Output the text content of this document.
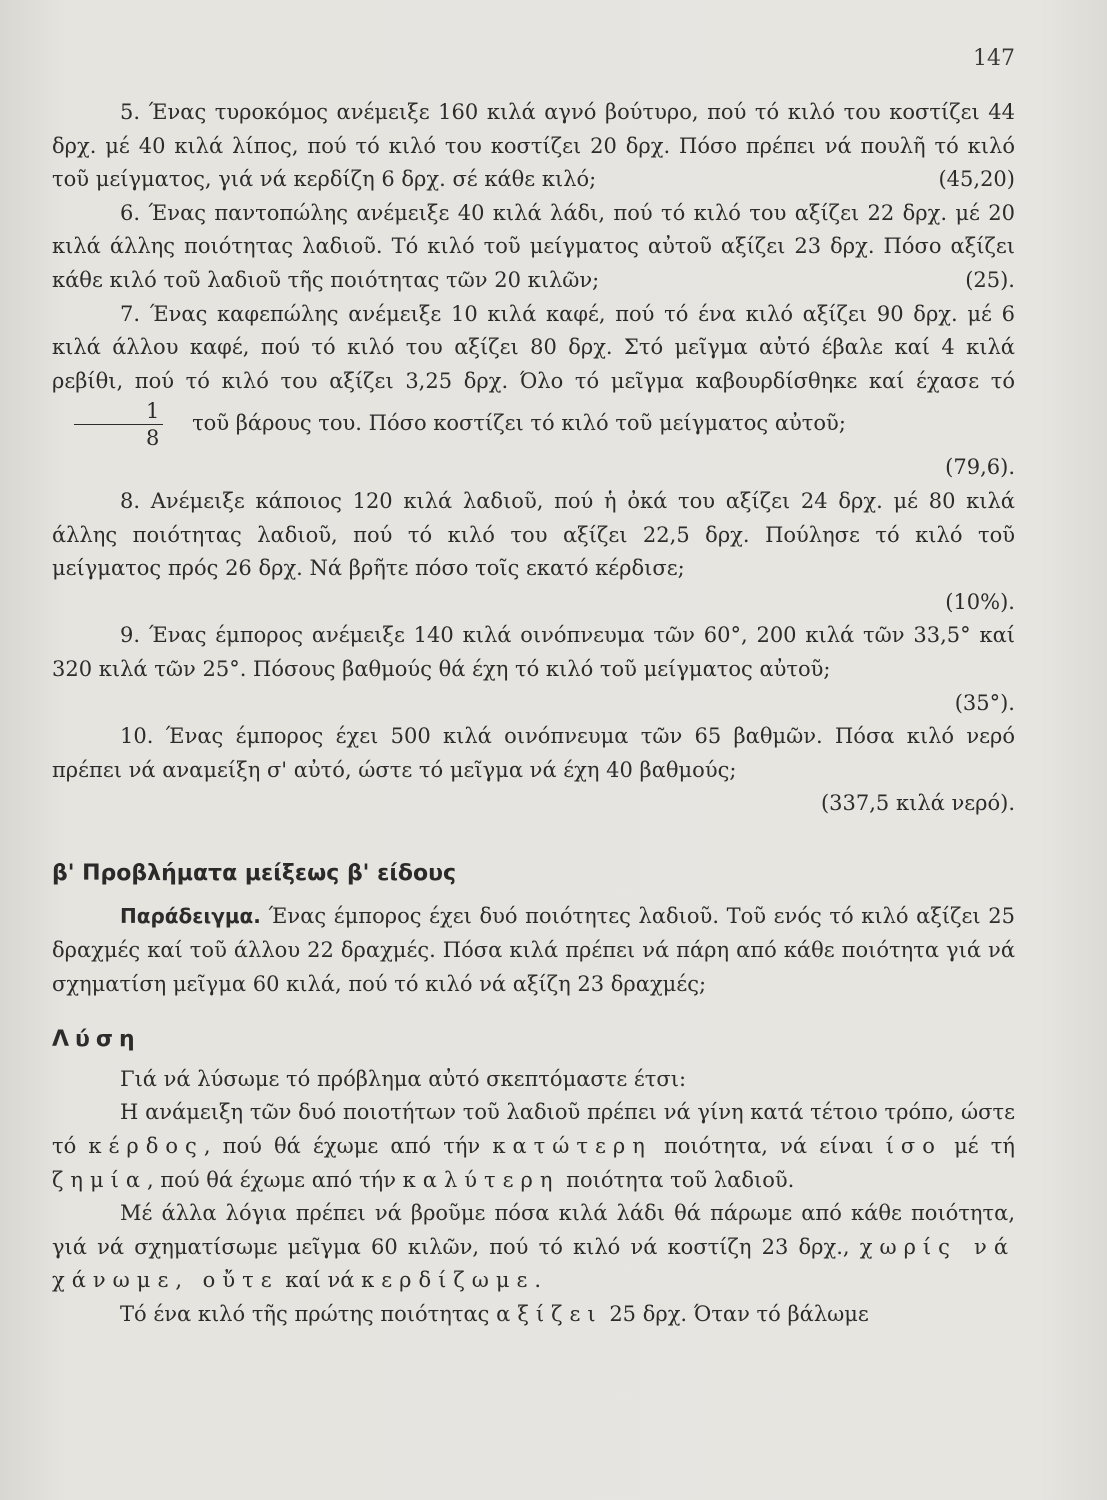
147

5. Ένας τυροκόμος ανέμειξε 160 κιλά αγνό βούτυρο, πού τό κιλό του κοστίζει 44 δρχ. μέ 40 κιλά λίπος, πού τό κιλό του κοστίζει 20 δρχ. Πόσο πρέπει νά πουλῆ τό κιλό τοῦ μείγματος, γιά νά κερδίζη 6 δρχ. σέ κάθε κιλό;	(45,20)

6. Ένας παντοπώλης ανέμειξε 40 κιλά λάδι, πού τό κιλό του αξίζει 22 δρχ. μέ 20 κιλά άλλης ποιότητας λαδιοῦ. Τό κιλό τοῦ μείγματος αὐτοῦ αξίζει 23 δρχ. Πόσο αξίζει κάθε κιλό τοῦ λαδιοῦ τῆς ποιότητας τῶν 20 κιλῶν;	(25).

7. Ένας καφεπώλης ανέμειξε 10 κιλά καφέ, πού τό ένα κιλό αξίζει 90 δρχ. μέ 6 κιλά άλλου καφέ, πού τό κιλό του αξίζει 80 δρχ. Στό μεῖγμα αὐτό έβαλε καί 4 κιλά ρεβίθι, πού τό κιλό του αξίζει 3,25 δρχ. Όλο τό μεῖγμα καβουρδίσθηκε καί έχασε τό
$\frac{1}{8}$ τοῦ βάρους του. Πόσο κοστίζει τό κιλό τοῦ μείγματος αὐτοῦ;
(79,6).

8. Ανέμειξε κάποιος 120 κιλά λαδιοῦ, πού ἡ ὀκά του αξίζει 24 δρχ. μέ 80 κιλά άλλης ποιότητας λαδιοῦ, πού τό κιλό του αξίζει 22,5 δρχ. Πούλησε τό κιλό τοῦ μείγματος πρός 26 δρχ. Νά βρῆτε πόσο τοῖς εκατό κέρδισε;
(10%).

9. Ένας έμπορος ανέμειξε 140 κιλά οινόπνευμα τῶν 60°, 200 κιλά τῶν 33,5° καί 320 κιλά τῶν 25°. Πόσους βαθμούς θά έχη τό κιλό τοῦ μείγματος αὐτοῦ;
(35°).

10. Ένας έμπορος έχει 500 κιλά οινόπνευμα τῶν 65 βαθμῶν. Πόσα κιλό νερό πρέπει νά αναμείξη σ' αὐτό, ώστε τό μεῖγμα νά έχη 40 βαθμούς;
(337,5 κιλά νερό).

β' Προβλήματα μείξεως β' είδους

Παράδειγμα. Ένας έμπορος έχει δυό ποιότητες λαδιοῦ. Τοῦ ενός τό κιλό αξίζει 25 δραχμές καί τοῦ άλλου 22 δραχμές. Πόσα κιλά πρέπει νά πάρη από κάθε ποιότητα γιά νά σχηματίση μεῖγμα 60 κιλά, πού τό κιλό νά αξίζη 23 δραχμές;

Λύση

Γιά νά λύσωμε τό πρόβλημα αὐτό σκεπτόμαστε έτσι:

Η ανάμειξη τῶν δυό ποιοτήτων τοῦ λαδιοῦ πρέπει νά γίνη κατά τέτοιο τρόπο, ώστε τό κέρδος, πού θά έχωμε από τήν κατώτερη ποιότητα, νά είναι ίσο μέ τή ζημία, πού θά έχωμε από τήν καλύτερη ποιότητα τοῦ λαδιοῦ.

Μέ άλλα λόγια πρέπει νά βροῦμε πόσα κιλά λάδι θά πάρωμε από κάθε ποιότητα, γιά νά σχηματίσωμε μεῖγμα 60 κιλῶν, πού τό κιλό νά κοστίζη 23 δρχ., χωρίς νά χάνωμε, οὔτε καί νά κερδίζωμε.

Τό ένα κιλό τῆς πρώτης ποιότητας αξίζει 25 δρχ. Όταν τό βάλωμε
